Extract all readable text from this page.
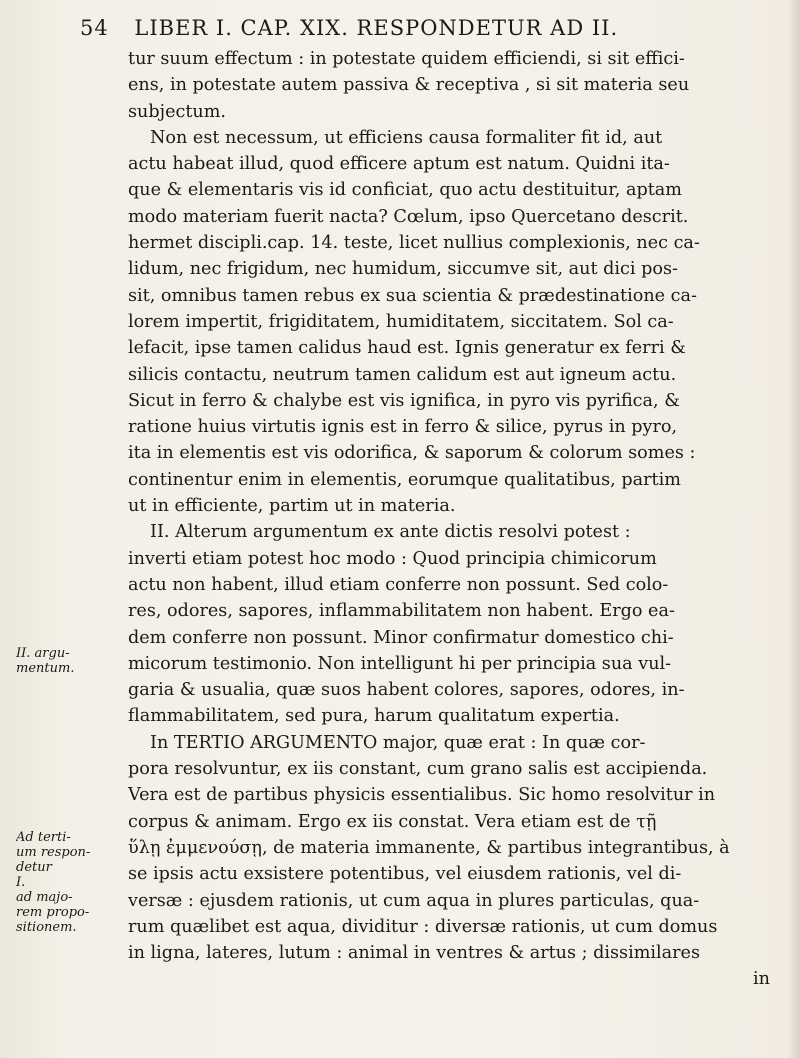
54 LIBER I. CAP. XIX. RESPONDETUR AD II.
II. argu-
mentum.
Ad terti-
um respon-
detur
I.
ad majo-
rem propo-
sitionem.
tur suum effectum : in potestate quidem efficiendi, si sit effici-
ens, in potestate autem passiva & receptiva , si sit materia seu
subjectum.
Non est necessum, ut efficiens causa formaliter fit id, aut
actu habeat illud, quod efficere aptum est natum. Quidni ita-
que & elementaris vis id conficiat, quo actu destituitur, aptam
modo materiam fuerit nacta? Cœlum, ipso Quercetano descrit.
hermet discipli.cap. 14. teste, licet nullius complexionis, nec ca-
lidum, nec frigidum, nec humidum, siccumve sit, aut dici pos-
sit, omnibus tamen rebus ex sua scientia & prædestinatione ca-
lorem impertit, frigiditatem, humiditatem, siccitatem. Sol ca-
lefacit, ipse tamen calidus haud est. Ignis generatur ex ferri &
silicis contactu, neutrum tamen calidum est aut igneum actu.
Sicut in ferro & chalybe est vis ignifica, in pyro vis pyrifica, &
ratione huius virtutis ignis est in ferro & silice, pyrus in pyro,
ita in elementis est vis odorifica, & saporum & colorum somes :
continentur enim in elementis, eorumque qualitatibus, partim
ut in efficiente, partim ut in materia.
II. Alterum argumentum ex ante dictis resolvi potest :
inverti etiam potest hoc modo : Quod principia chimicorum
actu non habent, illud etiam conferre non possunt. Sed colo-
res, odores, sapores, inflammabilitatem non habent. Ergo ea-
dem conferre non possunt. Minor confirmatur domestico chi-
micorum testimonio. Non intelligunt hi per principia sua vul-
garia & usualia, quæ suos habent colores, sapores, odores, in-
flammabilitatem, sed pura, harum qualitatum expertia.
In TERTIO ARGUMENTO major, quæ erat : In quæ cor-
pora resolvuntur, ex iis constant, cum grano salis est accipienda.
Vera est de partibus physicis essentialibus. Sic homo resolvitur in
corpus & animam. Ergo ex iis constat. Vera etiam est de τῇ
ὕλῃ ἐμμενούσῃ, de materia immanente, & partibus integrantibus, à
se ipsis actu exsistere potentibus, vel eiusdem rationis, vel di-
versæ : ejusdem rationis, ut cum aqua in plures particulas, qua-
rum quælibet est aqua, dividitur : diversæ rationis, ut cum domus
in ligna, lateres, lutum : animal in ventres & artus ; dissimilares
in
